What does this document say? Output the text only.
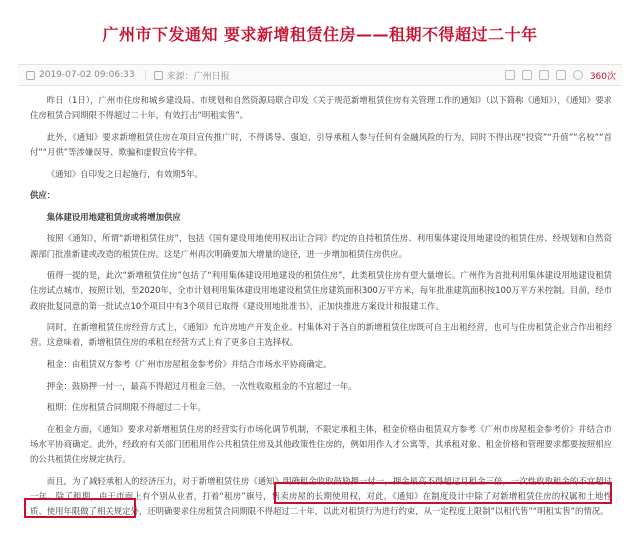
广州市下发通知 要求新增租赁住房——租期不得超过二十年
2019-07-02 09:06:33	来源：广州日报	360次

昨日（1日），广州市住房和城乡建设局、市规划和自然资源局联合印发《关于规范新增租赁住房有关管理工作的通知》（以下简称《通知》），《通知》要求住房租赁合同期限不得超过二十年，有效打击“明租实售”。

此外，《通知》要求新增租赁住房在项目宣传推广时，不得诱导、强迫、引导承租人参与任何有金融风险的行为，同时不得出现“投资”“升值”“名校”“首付”“月供”等涉嫌误导、欺骗和虚假宣传字样。

《通知》自印发之日起施行，有效期5年。

供应：

集体建设用地建租赁房或将增加供应

按照《通知》，所谓“新增租赁住房”，包括《国有建设用地使用权出让合同》约定的自持租赁住房、利用集体建设用地建设的租赁住房、经规划和自然资源部门批准新建或改造的租赁住房。这是广州再次明确要加大增量的途径，进一步增加租赁住房供应。

值得一提的是，此次“新增租赁住房”包括了“利用集体建设用地建设的租赁住房”，此类租赁住房有望大量增长。广州作为首批利用集体建设用地建设租赁住房试点城市，按照计划，至2020年，全市计划利用集体建设用地建设租赁住房建筑面积300万平方米，每年批准建筑面积按100万平方米控制。目前，经市政府批复同意的第一批试点10个项目中有3个项目已取得《建设用地批准书》，正加快推进方案设计和报建工作。

同时，在新增租赁住房经营方式上，《通知》允许房地产开发企业、村集体对于各自的新增租赁住房既可自主出租经营，也可与住房租赁企业合作出租经营。这意味着，新增租赁住房的承租在经营方式上有了更多自主选择权。

租金：由租赁双方参考《广州市房屋租金参考价》并结合市场水平协商确定。

押金：鼓励押一付一，最高不得超过月租金三倍，一次性收取租金的不宜超过一年。

租期：住房租赁合同期限不得超过二十年。

在租金方面，《通知》要求对新增租赁住房的经营实行市场化调节机制，不限定承租主体，租金价格由租赁双方参考《广州市房屋租金参考价》并结合市场水平协商确定。此外，经政府有关部门团租用作公共租赁住房及其他政策性住房的，例如用作人才公寓等，其承租对象、租金价格和管理要求都要按照相应的公共租赁住房规定执行。

而且，为了减轻承租人的经济压力，对于新增租赁住房《通知》明确租金收取鼓励押一付一，押金最高不得超过月租金三倍，一次性收取租金的不宜超过一年。除了租期，由于市面上有个别从业者，打着“租房”旗号，售卖房屋的长期使用权，对此，《通知》在制度设计中除了对新增租赁住房的权属和土地性质、使用年限做了相关规定外，还明确要求住房租赁合同期限不得超过二十年，以此对租赁行为进行约束，从一定程度上限制“以租代售”“明租实售”的情况。
